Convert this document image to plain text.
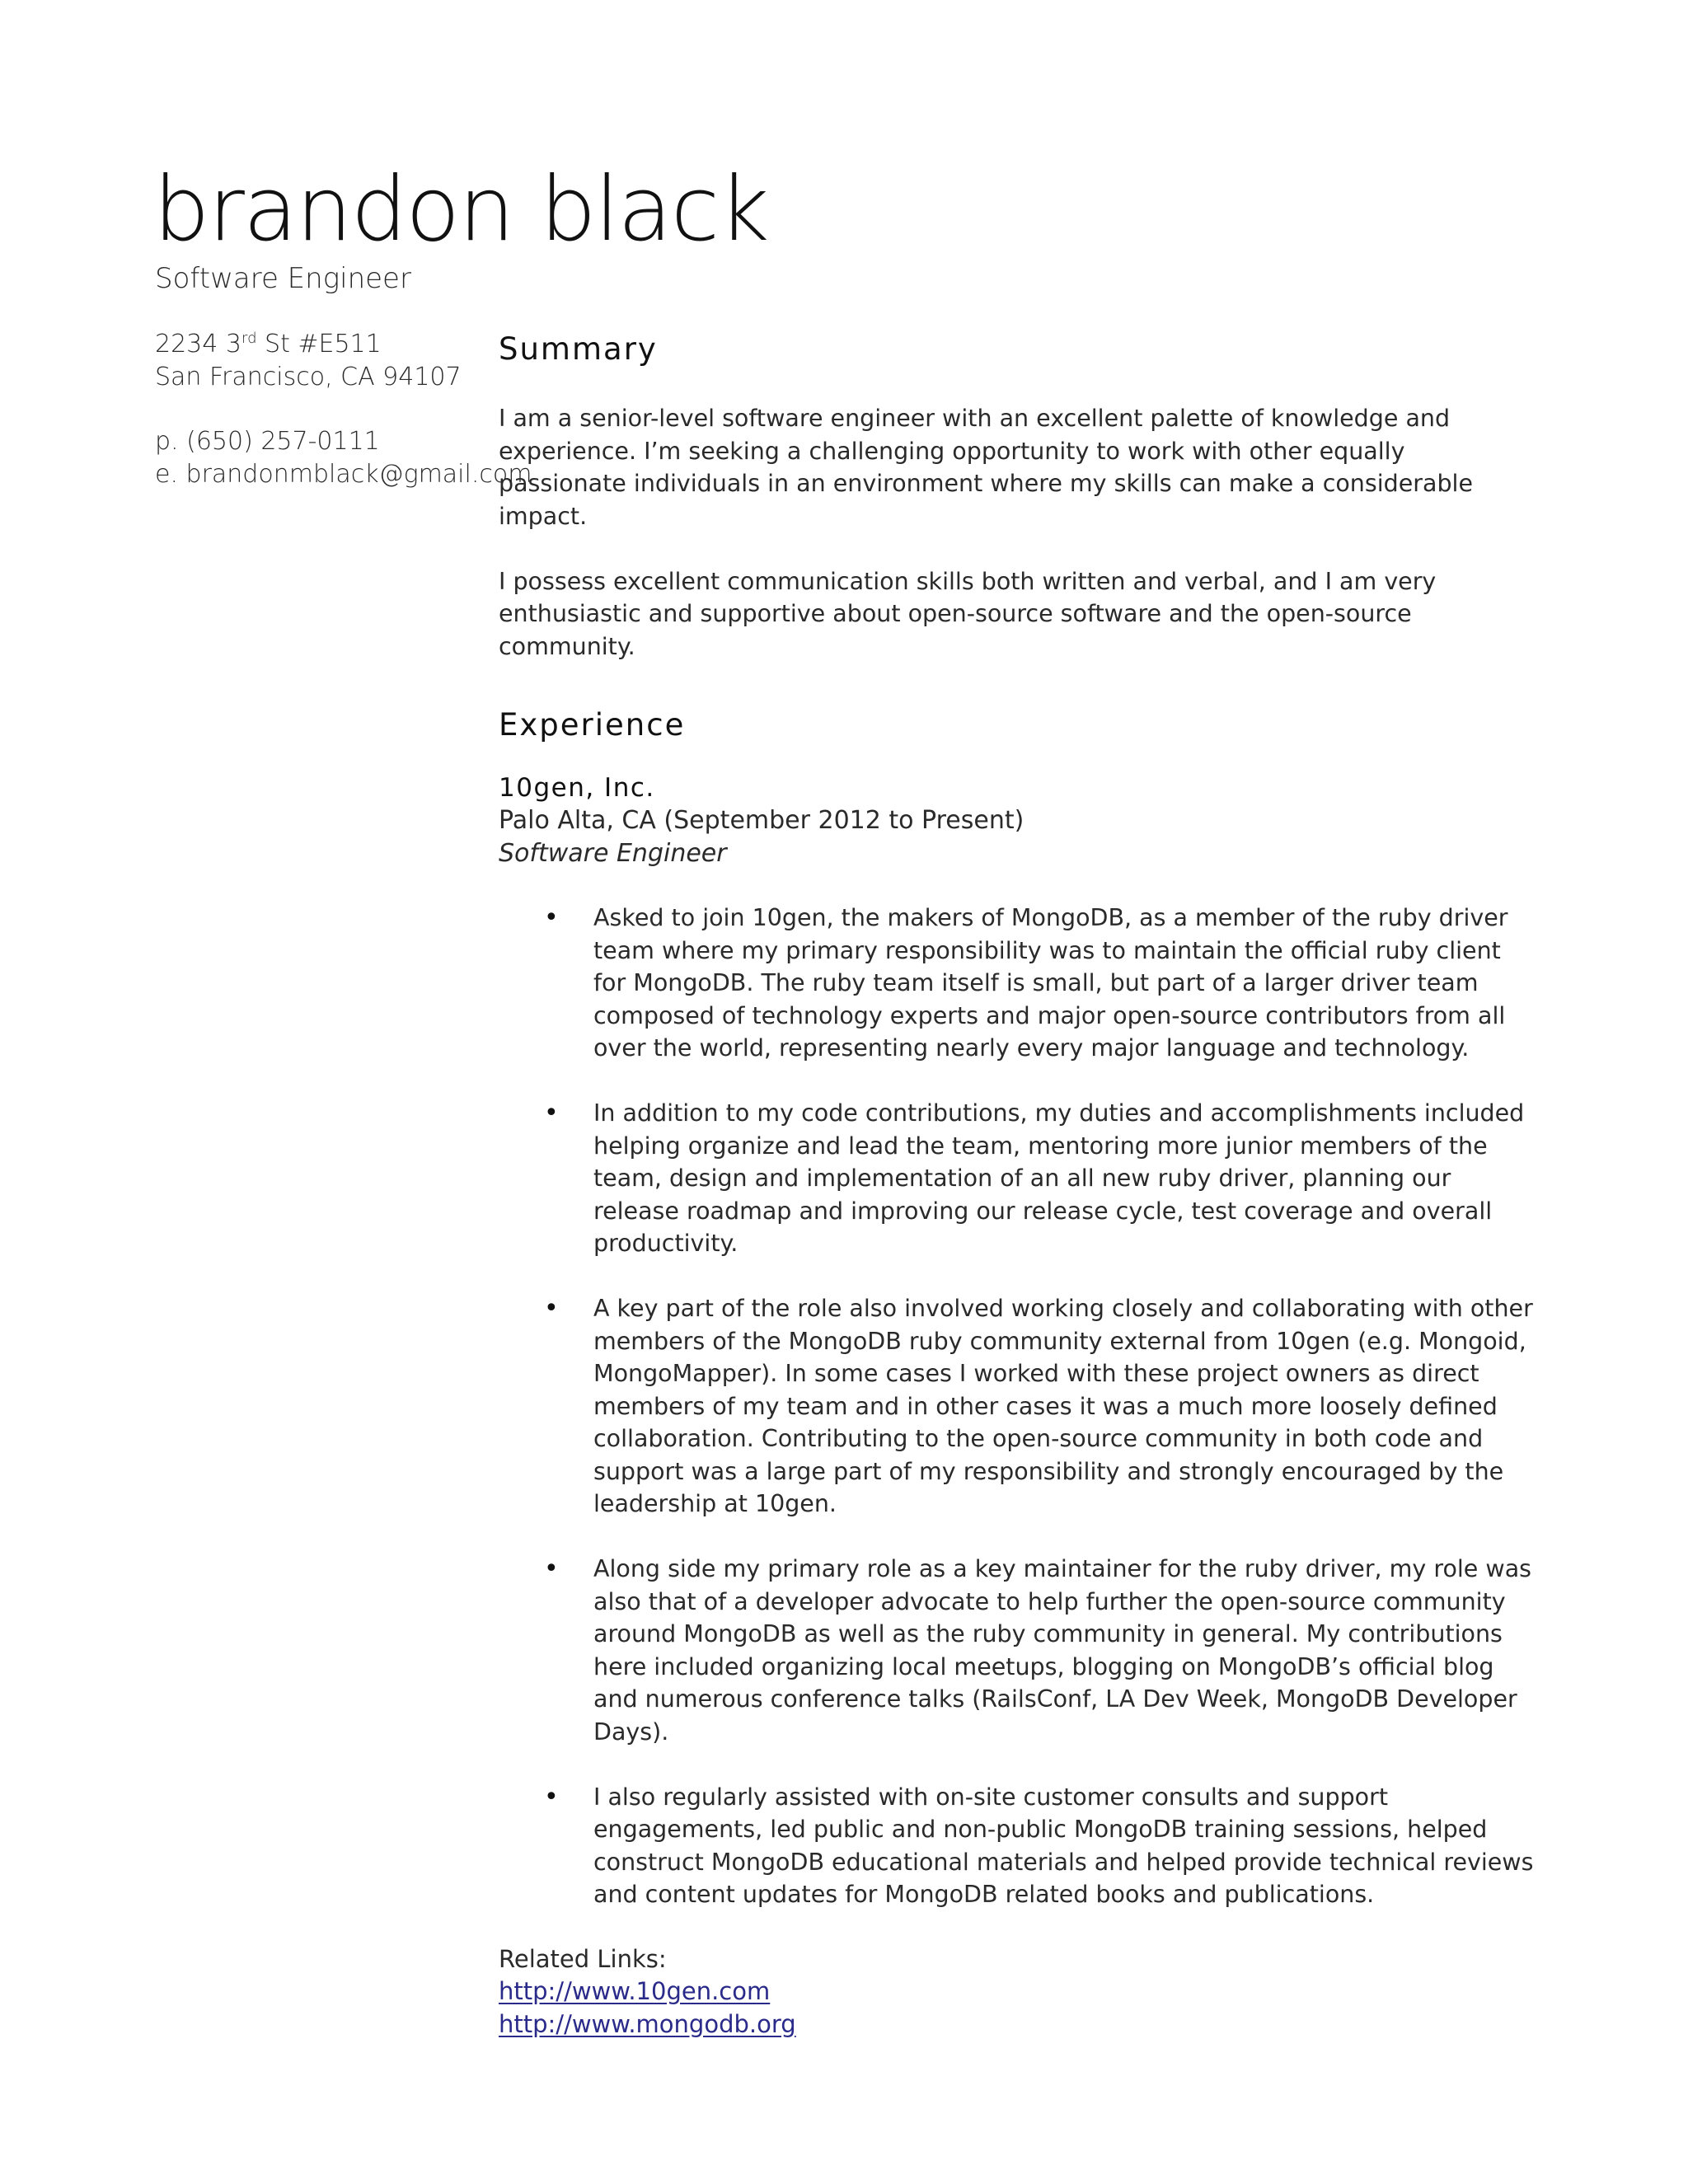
brandon black
Software Engineer
2234 3rd St #E511
San Francisco, CA 94107
p. (650) 257-0111
e. brandonmblack@gmail.com
Summary

I am a senior-level software engineer with an excellent palette of knowledge and experience. I’m seeking a challenging opportunity to work with other equally passionate individuals in an environment where my skills can make a considerable impact.

I possess excellent communication skills both written and verbal, and I am very enthusiastic and supportive about open-source software and the open-source community.

Experience
10gen, Inc.
Palo Alta, CA (September 2012 to Present)
Software Engineer
• Asked to join 10gen, the makers of MongoDB, as a member of the ruby driver team where my primary responsibility was to maintain the official ruby client for MongoDB. The ruby team itself is small, but part of a larger driver team composed of technology experts and major open-source contributors from all over the world, representing nearly every major language and technology.
• In addition to my code contributions, my duties and accomplishments included helping organize and lead the team, mentoring more junior members of the team, design and implementation of an all new ruby driver, planning our release roadmap and improving our release cycle, test coverage and overall productivity.
• A key part of the role also involved working closely and collaborating with other members of the MongoDB ruby community external from 10gen (e.g. Mongoid, MongoMapper). In some cases I worked with these project owners as direct members of my team and in other cases it was a much more loosely defined collaboration. Contributing to the open-source community in both code and support was a large part of my responsibility and strongly encouraged by the leadership at 10gen.
• Along side my primary role as a key maintainer for the ruby driver, my role was also that of a developer advocate to help further the open-source community around MongoDB as well as the ruby community in general. My contributions here included organizing local meetups, blogging on MongoDB’s official blog and numerous conference talks (RailsConf, LA Dev Week, MongoDB Developer Days).
• I also regularly assisted with on-site customer consults and support engagements, led public and non-public MongoDB training sessions, helped construct MongoDB educational materials and helped provide technical reviews and content updates for MongoDB related books and publications.
Related Links:
http://www.10gen.com
http://www.mongodb.org
